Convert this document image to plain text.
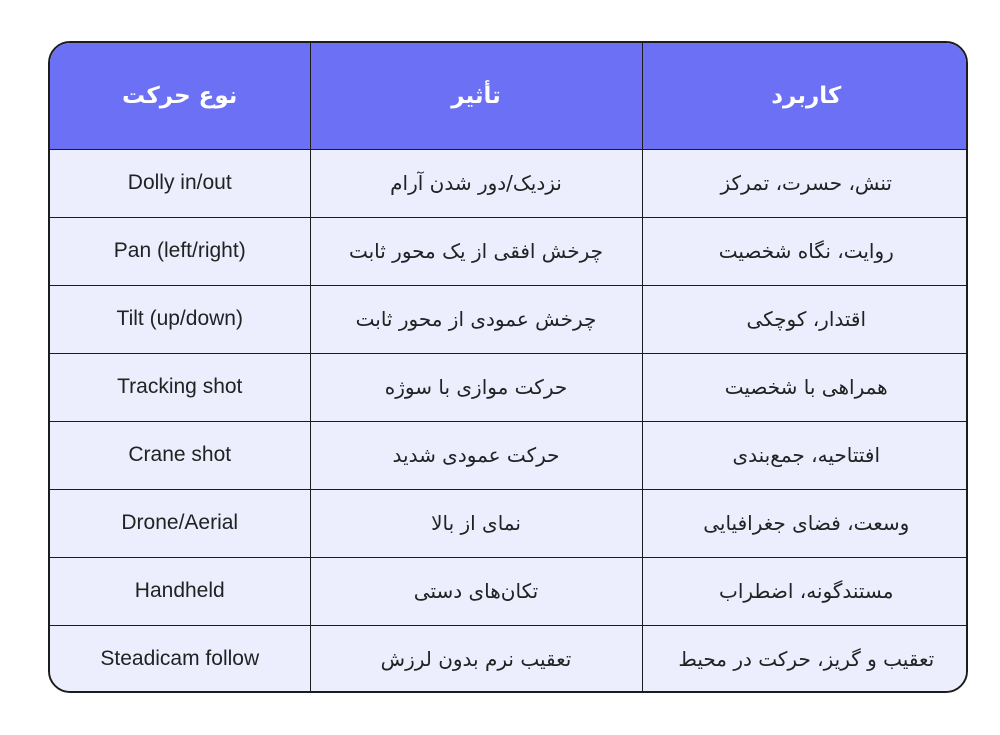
نوع حرکت	تأثیر	کاربرد
Dolly in/out	نزدیک/دور شدن آرام	تنش، حسرت، تمرکز
Pan (left/right)	چرخش افقی از یک محور ثابت	روایت، نگاه شخصیت
Tilt (up/down)	چرخش عمودی از محور ثابت	اقتدار، کوچکی
Tracking shot	حرکت موازی با سوژه	همراهی با شخصیت
Crane shot	حرکت عمودی شدید	افتتاحیه، جمع‌بندی
Drone/Aerial	نمای از بالا	وسعت، فضای جغرافیایی
Handheld	تکان‌های دستی	مستندگونه، اضطراب
Steadicam follow	تعقیب نرم بدون لرزش	تعقیب و گریز، حرکت در محیط
